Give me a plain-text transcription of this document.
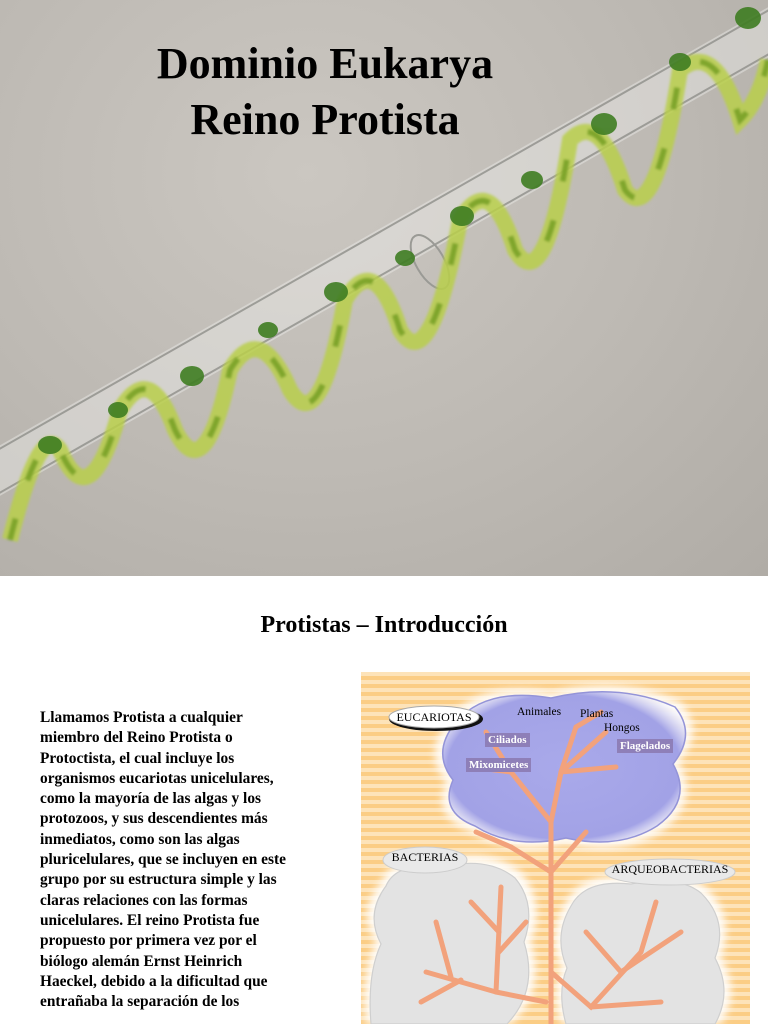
Dominio Eukarya
Reino Protista
Protistas – Introducción

Llamamos Protista a cualquier miembro del Reino Protista o Protoctista, el cual incluye los organismos eucariotas unicelulares, como la mayoría de las algas y los protozoos, y sus descendientes más inmediatos, como son las algas pluricelulares, que se incluyen en este grupo por su estructura simple y las claras relaciones con las formas unicelulares. El reino Protista fue propuesto por primera vez por el biólogo alemán Ernst Heinrich Haeckel, debido a la dificultad que entrañaba la separación de los

EUCARIOTAS	Animales Plantas
Hongos
Ciliados	Flagelados
Mixomicetes
BACTERIAS
ARQUEOBACTERIAS
